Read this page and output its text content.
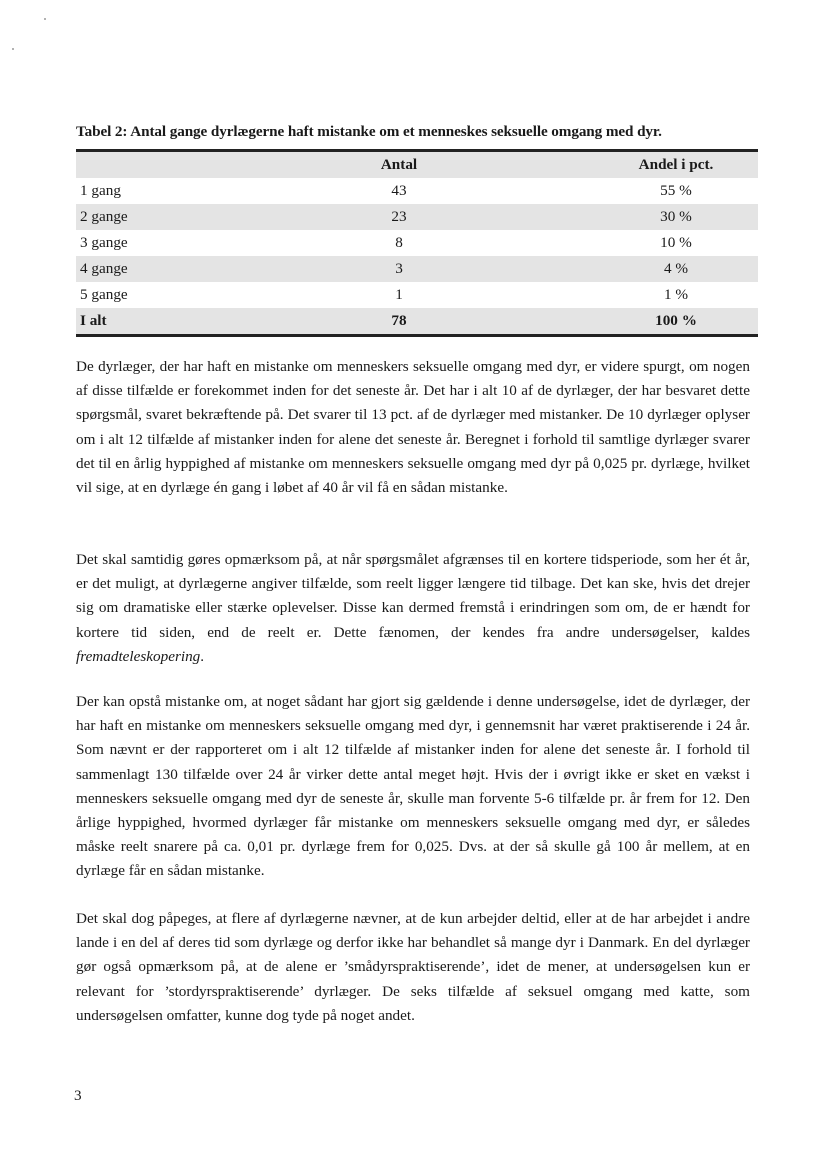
Tabel 2: Antal gange dyrlægerne haft mistanke om et menneskes seksuelle omgang med dyr.
	Antal	Andel i pct.
1 gang	43	55 %
2 gange	23	30 %
3 gange	8	10 %
4 gange	3	4 %
5 gange	1	1 %
I alt	78	100 %

De dyrlæger, der har haft en mistanke om menneskers seksuelle omgang med dyr, er videre spurgt, om nogen af disse tilfælde er forekommet inden for det seneste år. Det har i alt 10 af de dyrlæger, der har besvaret dette spørgsmål, svaret bekræftende på. Det svarer til 13 pct. af de dyrlæger med mistanker. De 10 dyrlæger oplyser om i alt 12 tilfælde af mistanker inden for alene det seneste år. Beregnet i forhold til samtlige dyrlæger svarer det til en årlig hyppighed af mistanke om menneskers seksuelle omgang med dyr på 0,025 pr. dyrlæge, hvilket vil sige, at en dyrlæge én gang i løbet af 40 år vil få en sådan mistanke.

Det skal samtidig gøres opmærksom på, at når spørgsmålet afgrænses til en kortere tidsperiode, som her ét år, er det muligt, at dyrlægerne angiver tilfælde, som reelt ligger længere tid tilbage. Det kan ske, hvis det drejer sig om dramatiske eller stærke oplevelser. Disse kan dermed fremstå i erindringen som om, de er hændt for kortere tid siden, end de reelt er. Dette fænomen, der kendes fra andre undersøgelser, kaldes fremadteleskopering.

Der kan opstå mistanke om, at noget sådant har gjort sig gældende i denne undersøgelse, idet de dyrlæger, der har haft en mistanke om menneskers seksuelle omgang med dyr, i gennemsnit har været praktiserende i 24 år. Som nævnt er der rapporteret om i alt 12 tilfælde af mistanker inden for alene det seneste år. I forhold til sammenlagt 130 tilfælde over 24 år virker dette antal meget højt. Hvis der i øvrigt ikke er sket en vækst i menneskers seksuelle omgang med dyr de seneste år, skulle man forvente 5-6 tilfælde pr. år frem for 12. Den årlige hyppighed, hvormed dyrlæger får mistanke om menneskers seksuelle omgang med dyr, er således måske reelt snarere på ca. 0,01 pr. dyrlæge frem for 0,025. Dvs. at der så skulle gå 100 år mellem, at en dyrlæge får en sådan mistanke.

Det skal dog påpeges, at flere af dyrlægerne nævner, at de kun arbejder deltid, eller at de har arbejdet i andre lande i en del af deres tid som dyrlæge og derfor ikke har behandlet så mange dyr i Danmark. En del dyrlæger gør også opmærksom på, at de alene er ’smådyrspraktiserende’, idet de mener, at undersøgelsen kun er relevant for ’stordyrspraktiserende’ dyrlæger. De seks tilfælde af seksuel omgang med katte, som undersøgelsen omfatter, kunne dog tyde på noget andet.

3
